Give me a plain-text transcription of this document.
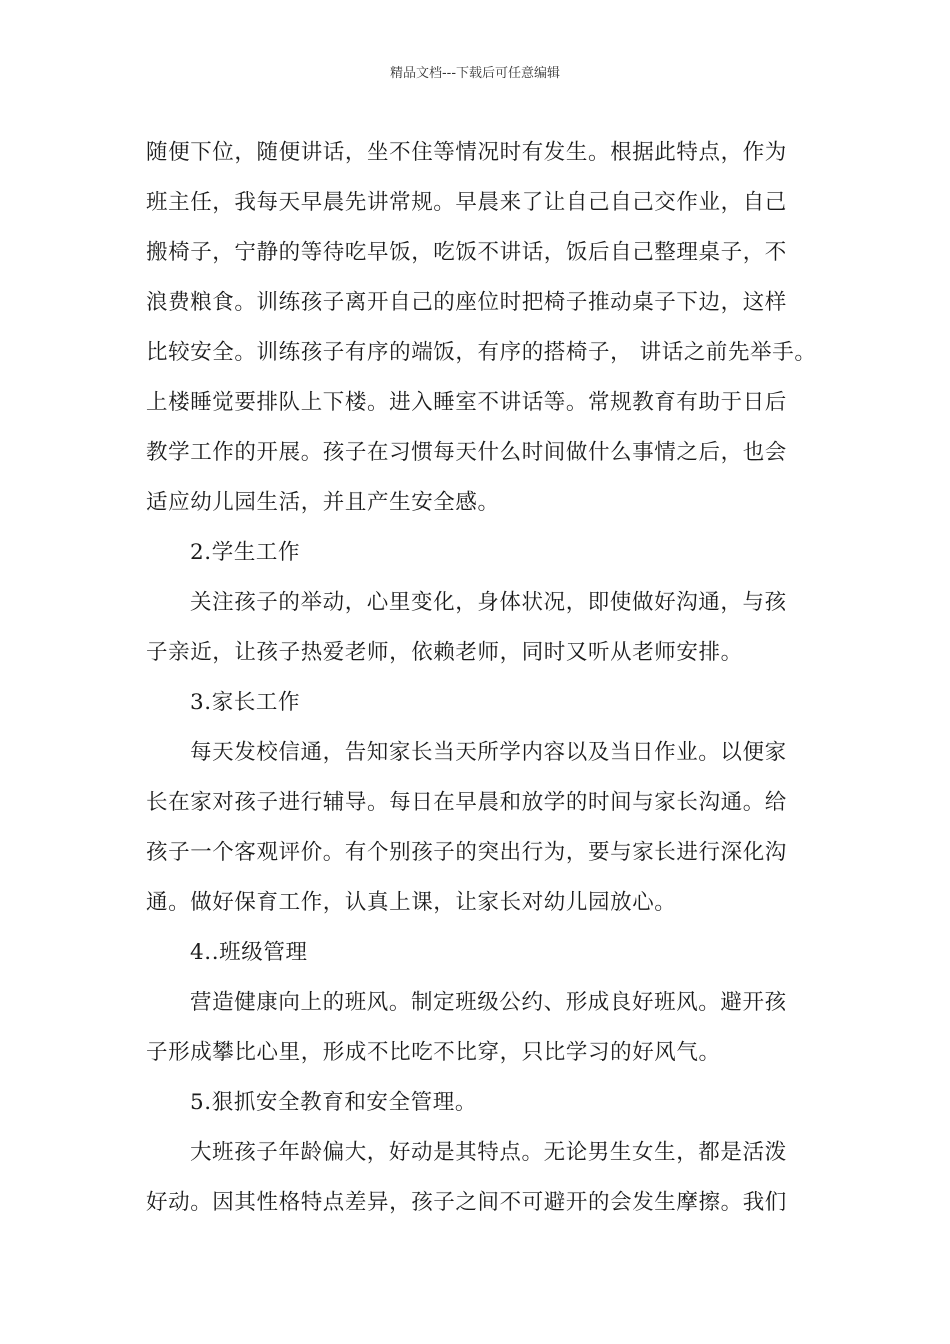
精品文档---下载后可任意编辑
随便下位，随便讲话，坐不住等情况时有发生。根据此特点，作为
班主任，我每天早晨先讲常规。早晨来了让自己自己交作业，自己
搬椅子，宁静的等待吃早饭，吃饭不讲话，饭后自己整理桌子，不
浪费粮食。训练孩子离开自己的座位时把椅子推动桌子下边，这样
比较安全。训练孩子有序的端饭，有序的搭椅子， 讲话之前先举手。
上楼睡觉要排队上下楼。进入睡室不讲话等。常规教育有助于日后
教学工作的开展。孩子在习惯每天什么时间做什么事情之后，也会
适应幼儿园生活，并且产生安全感。
2.学生工作
关注孩子的举动，心里变化，身体状况，即使做好沟通，与孩
子亲近，让孩子热爱老师，依赖老师，同时又听从老师安排。
3.家长工作
每天发校信通，告知家长当天所学内容以及当日作业。以便家
长在家对孩子进行辅导。每日在早晨和放学的时间与家长沟通。给
孩子一个客观评价。有个别孩子的突出行为，要与家长进行深化沟
通。做好保育工作，认真上课，让家长对幼儿园放心。
4..班级管理
营造健康向上的班风。制定班级公约、形成良好班风。避开孩
子形成攀比心里，形成不比吃不比穿，只比学习的好风气。
5.狠抓安全教育和安全管理。
大班孩子年龄偏大，好动是其特点。无论男生女生，都是活泼
好动。因其性格特点差异，孩子之间不可避开的会发生摩擦。我们
